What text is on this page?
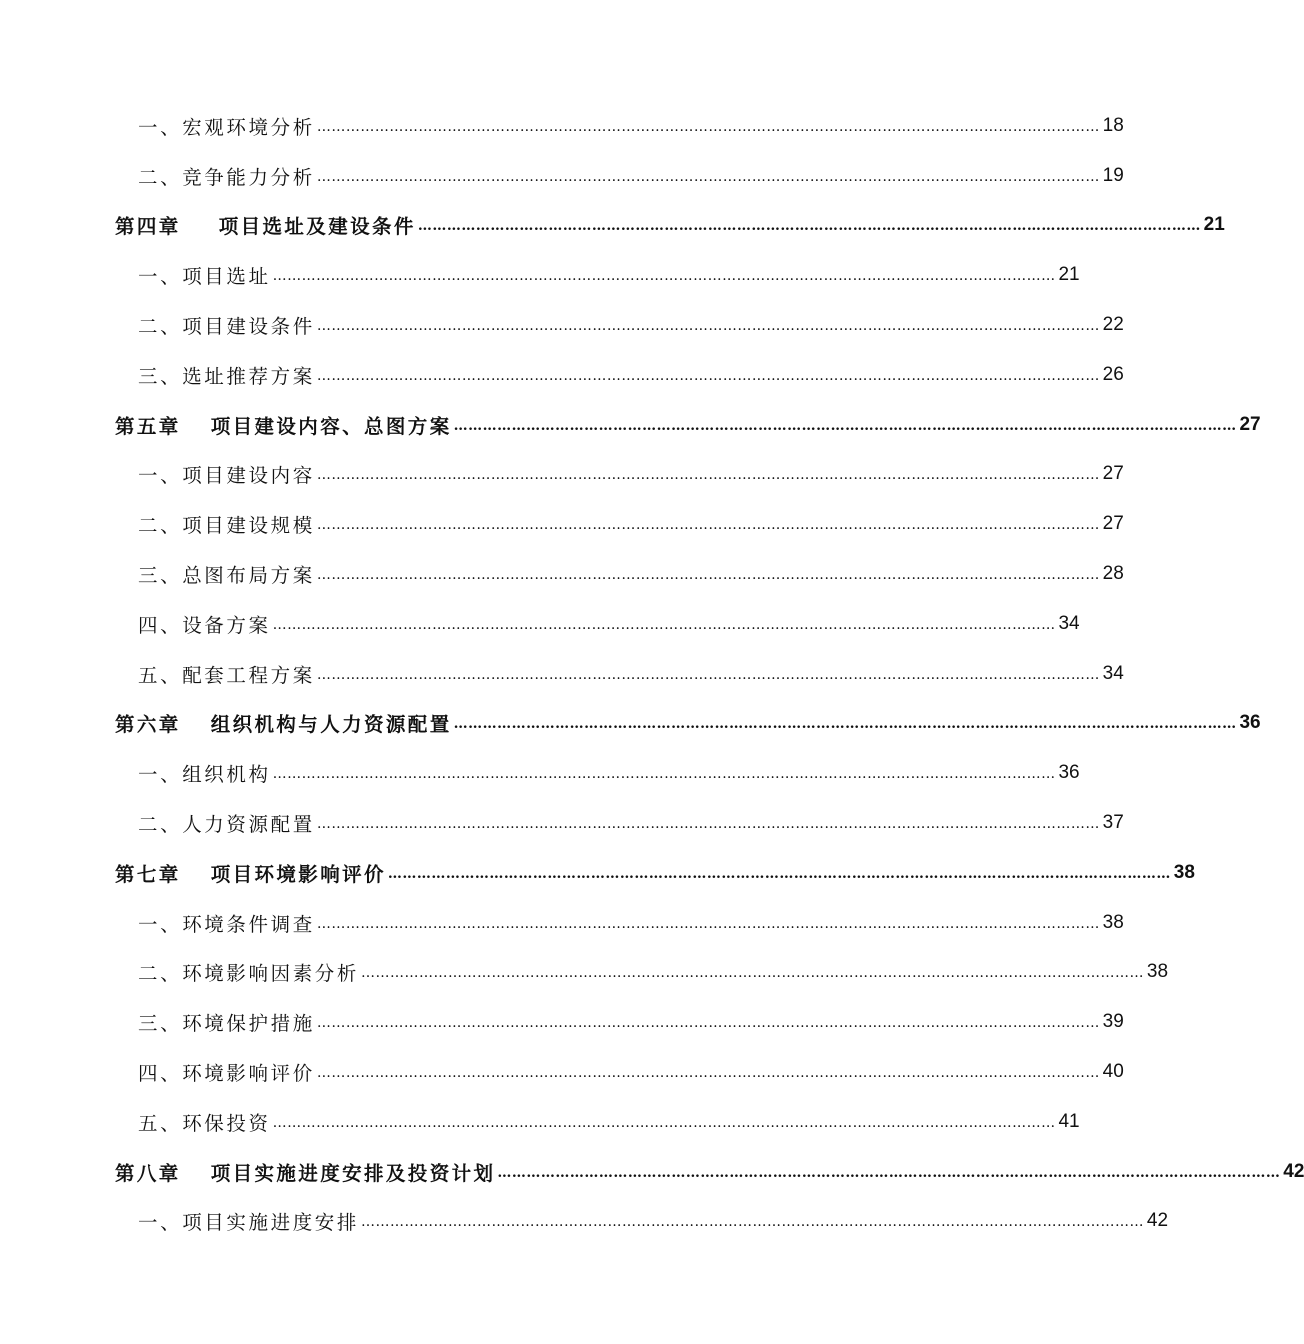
一、宏观环境分析 ……………………………………………………………………………………………………………………………………………… 18
二、竞争能力分析 ……………………………………………………………………………………………………………………………………………… 19
第四章 项目选址及建设条件 ……………………………………………………………………………………………………………………………………………… 21
一、项目选址 ……………………………………………………………………………………………………………………………………………… 21
二、项目建设条件 ……………………………………………………………………………………………………………………………………………… 22
三、选址推荐方案 ……………………………………………………………………………………………………………………………………………… 26
第五章 项目建设内容、总图方案 ……………………………………………………………………………………………………………………………………………… 27
一、项目建设内容 ……………………………………………………………………………………………………………………………………………… 27
二、项目建设规模 ……………………………………………………………………………………………………………………………………………… 27
三、总图布局方案 ……………………………………………………………………………………………………………………………………………… 28
四、设备方案 ……………………………………………………………………………………………………………………………………………… 34
五、配套工程方案 ……………………………………………………………………………………………………………………………………………… 34
第六章 组织机构与人力资源配置 ……………………………………………………………………………………………………………………………………………… 36
一、组织机构 ……………………………………………………………………………………………………………………………………………… 36
二、人力资源配置 ……………………………………………………………………………………………………………………………………………… 37
第七章 项目环境影响评价 ……………………………………………………………………………………………………………………………………………… 38
一、环境条件调查 ……………………………………………………………………………………………………………………………………………… 38
二、环境影响因素分析 ……………………………………………………………………………………………………………………………………………… 38
三、环境保护措施 ……………………………………………………………………………………………………………………………………………… 39
四、环境影响评价 ……………………………………………………………………………………………………………………………………………… 40
五、环保投资 ……………………………………………………………………………………………………………………………………………… 41
第八章 项目实施进度安排及投资计划 ……………………………………………………………………………………………………………………………………………… 42
一、项目实施进度安排 ……………………………………………………………………………………………………………………………………………… 42
